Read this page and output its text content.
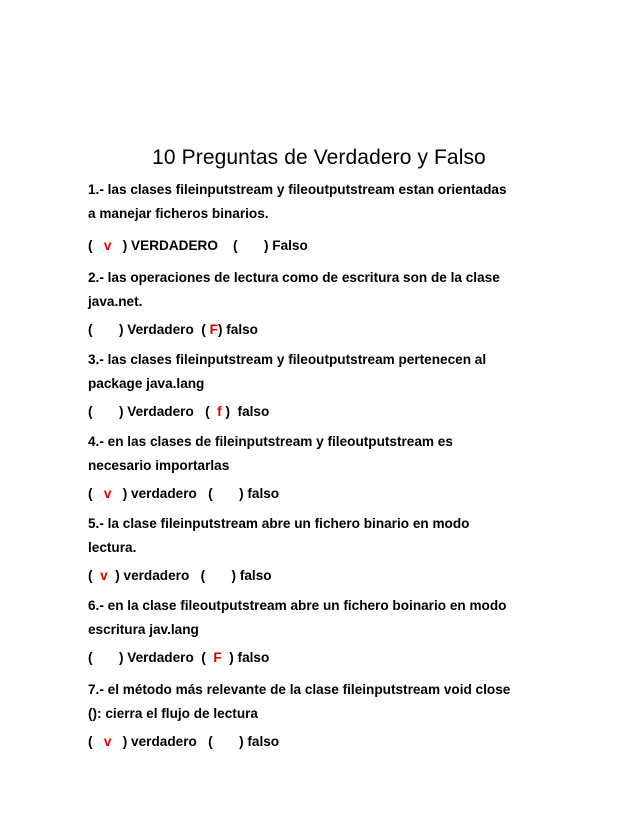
10 Preguntas de Verdadero y Falso
1.- las clases fileinputstream y fileoutputstream estan orientadas
a manejar ficheros binarios.
(   v   ) VERDADERO    (       ) Falso
2.- las operaciones de lectura como de escritura son de la clase
java.net.
(       ) Verdadero  ( F) falso
3.- las clases fileinputstream y fileoutputstream pertenecen al
package java.lang
(       ) Verdadero   (  f )  falso
4.- en las clases de fileinputstream y fileoutputstream es
necesario importarlas
(   v   ) verdadero   (       ) falso
5.- la clase fileinputstream abre un fichero binario en modo
lectura.
(  v  ) verdadero   (       ) falso
6.- en la clase fileoutputstream abre un fichero boinario en modo
escritura jav.lang
(       ) Verdadero  (  F  ) falso
7.- el método más relevante de la clase fileinputstream void close
(): cierra el flujo de lectura
(   v   ) verdadero   (       ) falso
